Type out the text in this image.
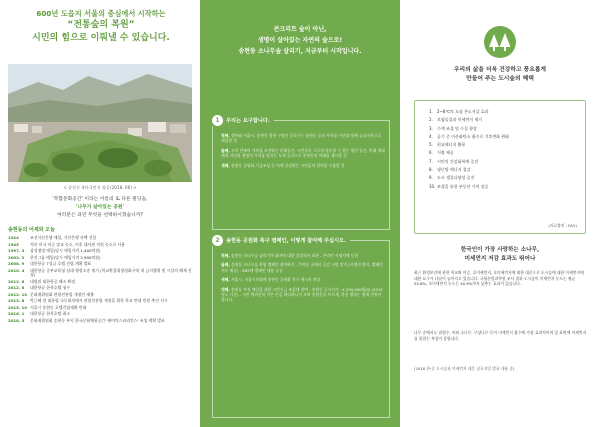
600년 도읍지 서울의 중심에서 시작하는
“전통숲의 복원”
시민의 힘으로 이뤄낼 수 있습니다.
< 송현동 4차-1번지 항공(2018. 06) >
'복합문화공간' 이라는 이름의 또 다른 빌딩숲,
'나무가 살아있는 공원'
여러분은 과연 무엇을 선택하시겠습니까?
송현동의 어제와 오늘
1924	조선식산은행 매입, 식산은행 사택 건설
1945	적산 미국 미군 장교 숙소, 이후 대사관 직원 숙소로 사용
1997. 3	삼성생명 매입(당시 매입가격 1,400억원)
2002. 2	한진그룹 매입(당시 매입가격 2,900억원)
2008. 9	대한항공 7성급 호텔 건립 계획 발표
2010. 4	대한항공 중부교육청 심대 행정소송 제기 (학교환경위생정화구역 내 금지행위 및 시설의 해제 신청)
2012. 6	대법원 대한항공 패소 확정
2012. 8	대한항공 한옥호텔 청구
2012. 10 문화재위원회 관광진흥법 개정안 제출
2013. 8	박근혜 전 대통령 국무회의에서 관광진흥법 개정을 위한 학교 반대 민원 추진 지시
2015. 10 서울시 송현동 호텔건립계획 반대
2016. 1	대한항공 한옥호텔 취소
2018. 5	문화재위원회 송현동 부지 한국문화체험공간 '케이익스피리언스' 조성 계획 발표
콘크리트 숲이 아닌,
생명이 살아있는 자연의 숲으로!
송현동 소나무숲 살리기, 지금부터 시작입니다.
1	우리는 요구합니다.
첫째, 정부와 서울시, 송현동 경향 구청인 중로구는 송현동 공터 부지를 시민과 함께 공공자산으로 매입할 것
둘째, 우리 민족의 가치를 보전하는 문화공간, 시민들이 그로개 향유할 수 있는 열린 공간, 미래 세대에게 자연과 생명의 가치를 알리는 녹색 공간으로 송현동의 미래를 제시할 것
셋째, 송현동 공원화 기금조성 등 이에 공감하는 시민들의 참여를 수용할 것
2	송현동 공원화 촉구 캠페인, 이렇게 참여해 주십시오.
첫째, 송현동 소나무숲 살리기의 취지에 대한 공감의사 표현 - 온라인 서명지에 동참
둘째, 송현동 소나무숲 복원 캠페인 참여하기 - 가까운 곳에서 공감 서명 받기 (서명지 양식, 캠페인 키트 제공) - SNS에 캠페인 내용 공유
셋째, 서울시, 서울시의회에 송현동 공원화 촉구 메시지 전달
넷째, 송현동 부지 매입을 위한 시민기금 조성에 참여 - 송현동 공시지가 : 4,350,000원/㎡ (2015년도 기준) - 시민 여러분의 작은 손길 하나하나가 모여 송현동을 푸르게, 촉진 행자는 원에 인원이 됩니다.
우리의 삶을 더욱 건강하고 풍요롭게
만들어 주는 도시숲의 혜택
1. 2~8℃의 도심 온도저감 효과
2. 오염물질과 미세먼지 제거
3. 수계 조절 및 수질 향상
4. 공기 중 이산화탄소 흡수로 기후변화 완화
5. 현교에너지 활용
6. 식량 제공
7. 시민의 건강회복에 증진
8. 냉난방 에너지 절감
9. 도시 생물다양성 증진
10. 조경을 통한 부동산 가치 상승
(자료출처 : FAO)
한국인이 가장 사랑하는 소나무,
미세먼지 저감 효과도 뛰어나

최근 환경보건에 관한 학교와 미승, 호미세먼지, 호미세먼지에 대한 대중으로 도시숲에 대한 미세먼지에 대한 요구가 나날이 늘어지고 있습니다. 국립산림과학원 조사 결과 도시숲이 미세먼지 농도는 평균 25.6%, 초미세먼지 농도는 40.9%까지 낮추는 효과가 있습니다.

나무 중에서도 침엽수, 특히 소나무, 구상나무 등이 미세먼지 흡수에 가장 효과적이며 잎 표면에 미세먼지를 붙잡는 특성이 강합니다.

(2018 한·중 도시숲과 미세먼지 대응 심포지엄 발표 내용 중)
